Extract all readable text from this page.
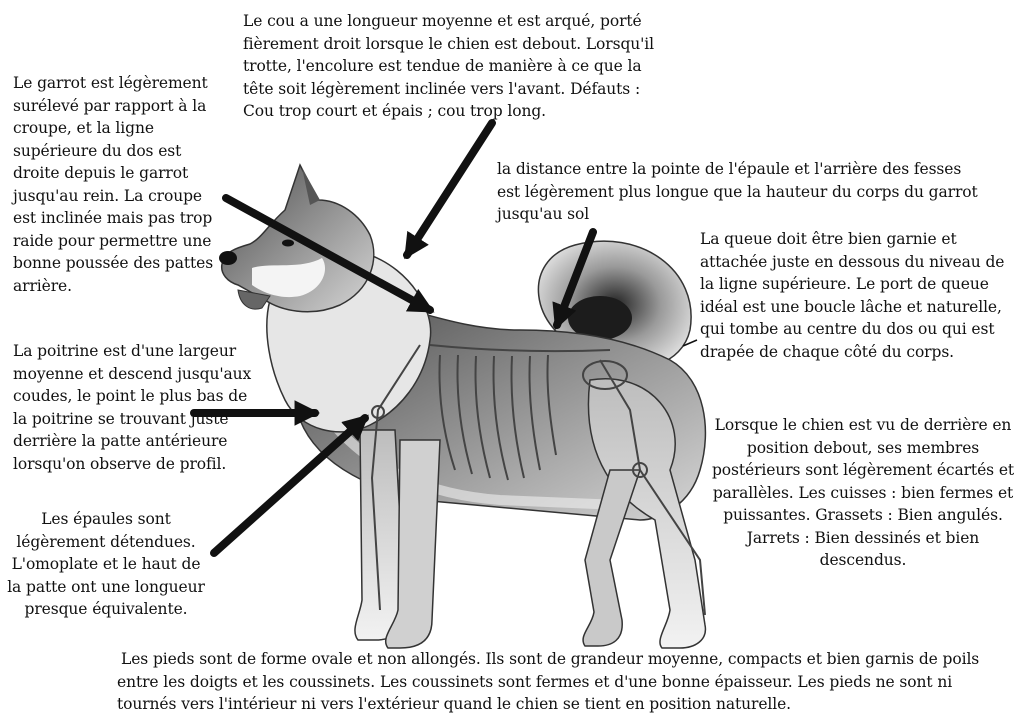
Le cou a une longueur moyenne et est arqué, porté fièrement droit lorsque le chien est debout. Lorsqu'il trotte, l'encolure est tendue de manière à ce que la tête soit légèrement inclinée vers l'avant. Défauts : Cou trop court et épais ; cou trop long.

Le garrot est légèrement surélevé par rapport à la croupe, et la ligne supérieure du dos est droite depuis le garrot jusqu'au rein. La croupe est inclinée mais pas trop raide pour permettre une bonne poussée des pattes arrière.

la distance entre la pointe de l'épaule et l'arrière des fesses est légèrement plus longue que la hauteur du corps du garrot jusqu'au sol

La queue doit être bien garnie et attachée juste en dessous du niveau de la ligne supérieure. Le port de queue idéal est une boucle lâche et naturelle, qui tombe au centre du dos ou qui est drapée de chaque côté du corps.

La poitrine est d'une largeur moyenne et descend jusqu'aux coudes, le point le plus bas de la poitrine se trouvant juste derrière la patte antérieure lorsqu'on observe de profil.

Lorsque le chien est vu de derrière en position debout, ses membres postérieurs sont légèrement écartés et parallèles. Les cuisses : bien fermes et puissantes. Grassets : Bien angulés. Jarrets : Bien dessinés et bien descendus.

Les épaules sont légèrement détendues. L'omoplate et le haut de la patte ont une longueur presque équivalente.

Les pieds sont de forme ovale et non allongés. Ils sont de grandeur moyenne, compacts et bien garnis de poils entre les doigts et les coussinets. Les coussinets sont fermes et d'une bonne épaisseur. Les pieds ne sont ni tournés vers l'intérieur ni vers l'extérieur quand le chien se tient en position naturelle.
